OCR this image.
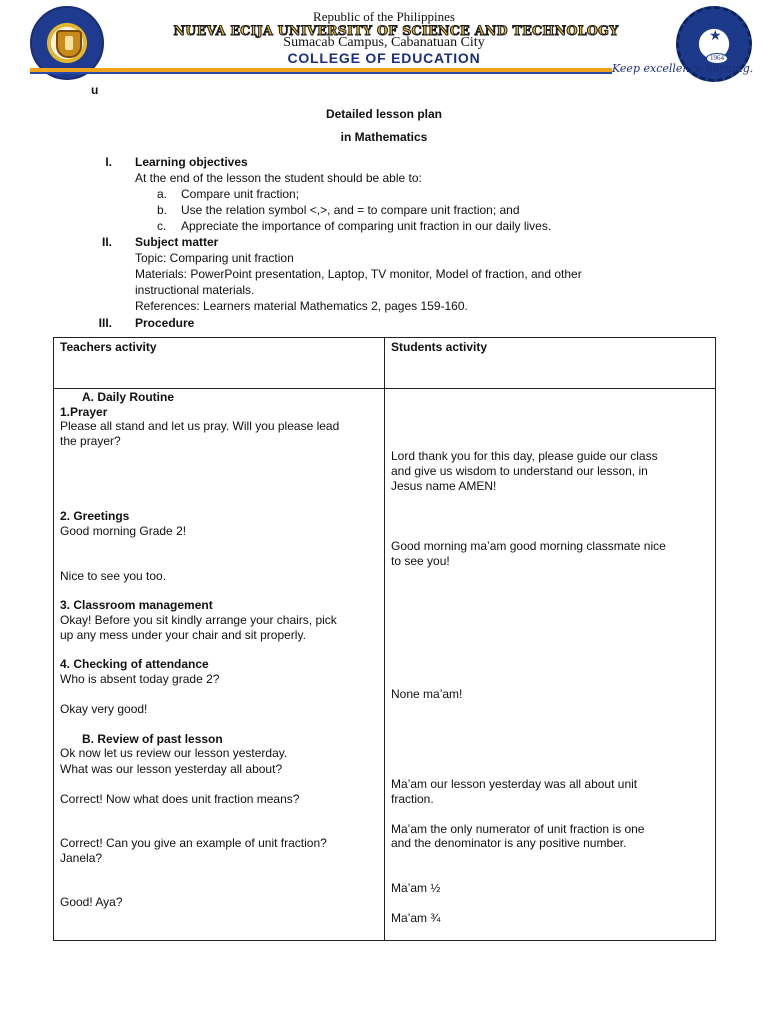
★
1964
Republic of the Philippines
NUEVA ECIJA UNIVERSITY OF SCIENCE AND TECHNOLOGY
Sumacab Campus, Cabanatuan City
COLLEGE OF EDUCATION
Keep excellence burning.
u
Detailed lesson plan
in Mathematics
I. Learning objectives
At the end of the lesson the student should be able to:
a. Compare unit fraction;
b. Use the relation symbol <,>, and = to compare unit fraction; and
c. Appreciate the importance of comparing unit fraction in our daily lives.
II. Subject matter
Topic: Comparing unit fraction
Materials: PowerPoint presentation, Laptop, TV monitor, Model of fraction, and other
instructional materials.
References: Learners material Mathematics 2, pages 159-160.
III. Procedure
Teachers activity	Students activity
A. Daily Routine
1.Prayer
Please all stand and let us pray. Will you please lead
the prayer?
2. Greetings
Good morning Grade 2!
Nice to see you too.
3. Classroom management
Okay! Before you sit kindly arrange your chairs, pick
up any mess under your chair and sit properly.
4. Checking of attendance
Who is absent today grade 2?
Okay very good!
B. Review of past lesson
Ok now let us review our lesson yesterday.
What was our lesson yesterday all about?
Correct! Now what does unit fraction means?
Correct! Can you give an example of unit fraction?
Janela?
Good! Aya?
Lord thank you for this day, please guide our class
and give us wisdom to understand our lesson, in
Jesus name AMEN!
Good morning ma’am good morning classmate nice
to see you!
None ma’am!
Ma’am our lesson yesterday was all about unit
fraction.
Ma’am the only numerator of unit fraction is one
and the denominator is any positive number.
Ma’am ½
Ma’am ¾
